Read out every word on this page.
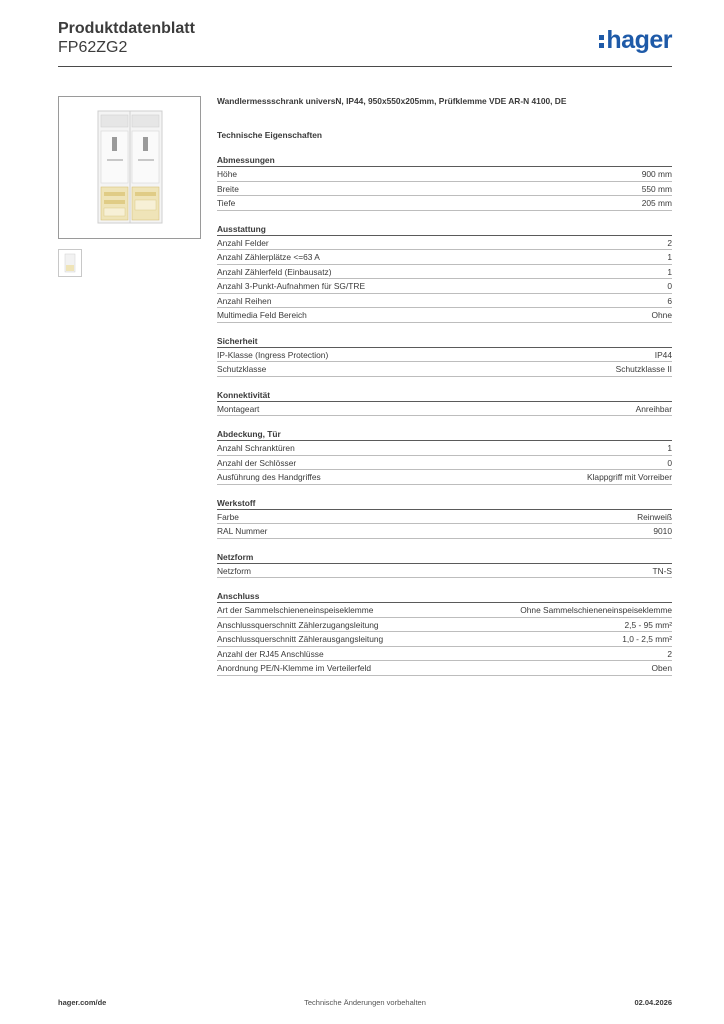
Produktdatenblatt
FP62ZG2	hager
Wandlermessschrank universN, IP44, 950x550x205mm, Prüfklemme VDE AR-N 4100, DE
Technische Eigenschaften
Abmessungen
Höhe	900 mm
Breite	550 mm
Tiefe	205 mm
Ausstattung
Anzahl Felder	2
Anzahl Zählerplätze <=63 A	1
Anzahl Zählerfeld (Einbausatz)	1
Anzahl 3-Punkt-Aufnahmen für SG/TRE	0
Anzahl Reihen	6
Multimedia Feld Bereich	Ohne
Sicherheit
IP-Klasse (Ingress Protection)	IP44
Schutzklasse	Schutzklasse II
Konnektivität
Montageart	Anreihbar
Abdeckung, Tür
Anzahl Schranktüren	1
Anzahl der Schlösser	0
Ausführung des Handgriffes	Klappgriff mit Vorreiber
Werkstoff
Farbe	Reinweiß
RAL Nummer	9010
Netzform
Netzform	TN-S
Anschluss
Art der Sammelschieneneinspeiseklemme	Ohne Sammelschieneneinspeiseklemme
Anschlussquerschnitt Zählerzugangsleitung	2,5 - 95 mm²
Anschlussquerschnitt Zählerausgangsleitung	1,0 - 2,5 mm²
Anzahl der RJ45 Anschlüsse	2
Anordnung PE/N-Klemme im Verteilerfeld	Oben
hager.com/de	Technische Änderungen vorbehalten	02.04.2026
